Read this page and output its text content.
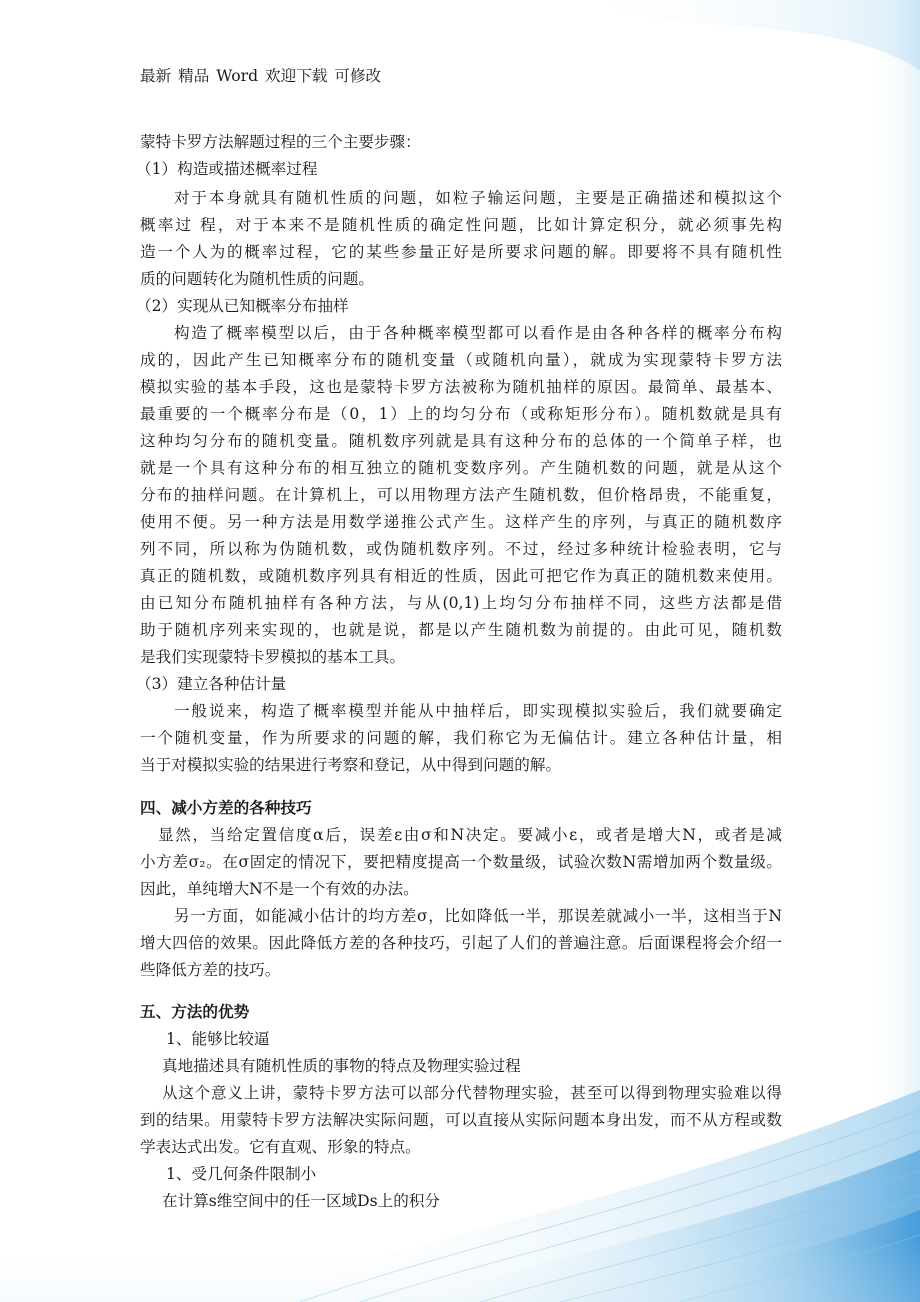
最新 精品 Word 欢迎下载 可修改
蒙特卡罗方法解题过程的三个主要步骤：
（1）构造或描述概率过程
对于本身就具有随机性质的问题，如粒子输运问题，主要是正确描述和模拟这个
概率过 程，对于本来不是随机性质的确定性问题，比如计算定积分，就必须事先构
造一个人为的概率过程，它的某些参量正好是所要求问题的解。即要将不具有随机性
质的问题转化为随机性质的问题。
（2）实现从已知概率分布抽样
构造了概率模型以后，由于各种概率模型都可以看作是由各种各样的概率分布构
成的，因此产生已知概率分布的随机变量（或随机向量），就成为实现蒙特卡罗方法
模拟实验的基本手段，这也是蒙特卡罗方法被称为随机抽样的原因。最简单、最基本、
最重要的一个概率分布是（0，1）上的均匀分布（或称矩形分布）。随机数就是具有
这种均匀分布的随机变量。随机数序列就是具有这种分布的总体的一个简单子样，也
就是一个具有这种分布的相互独立的随机变数序列。产生随机数的问题，就是从这个
分布的抽样问题。在计算机上，可以用物理方法产生随机数，但价格昂贵，不能重复，
使用不便。另一种方法是用数学递推公式产生。这样产生的序列，与真正的随机数序
列不同，所以称为伪随机数，或伪随机数序列。不过，经过多种统计检验表明，它与
真正的随机数，或随机数序列具有相近的性质，因此可把它作为真正的随机数来使用。
由已知分布随机抽样有各种方法，与从(0,1)上均匀分布抽样不同，这些方法都是借
助于随机序列来实现的，也就是说，都是以产生随机数为前提的。由此可见，随机数
是我们实现蒙特卡罗模拟的基本工具。
（3）建立各种估计量
一般说来，构造了概率模型并能从中抽样后，即实现模拟实验后，我们就要确定
一个随机变量，作为所要求的问题的解，我们称它为无偏估计。建立各种估计量，相
当于对模拟实验的结果进行考察和登记，从中得到问题的解。
四、减小方差的各种技巧
显然，当给定置信度α后，误差ε由σ和N决定。要减小ε，或者是增大N，或者是减
小方差σ₂。在σ固定的情况下，要把精度提高一个数量级，试验次数N需增加两个数量级。
因此，单纯增大N不是一个有效的办法。
另一方面，如能减小估计的均方差σ，比如降低一半，那误差就减小一半，这相当于N
增大四倍的效果。因此降低方差的各种技巧，引起了人们的普遍注意。后面课程将会介绍一
些降低方差的技巧。
五、方法的优势
1、能够比较逼
真地描述具有随机性质的事物的特点及物理实验过程
从这个意义上讲，蒙特卡罗方法可以部分代替物理实验，甚至可以得到物理实验难以得
到的结果。用蒙特卡罗方法解决实际问题，可以直接从实际问题本身出发，而不从方程或数
学表达式出发。它有直观、形象的特点。
1、受几何条件限制小
在计算s维空间中的任一区域Ds上的积分
